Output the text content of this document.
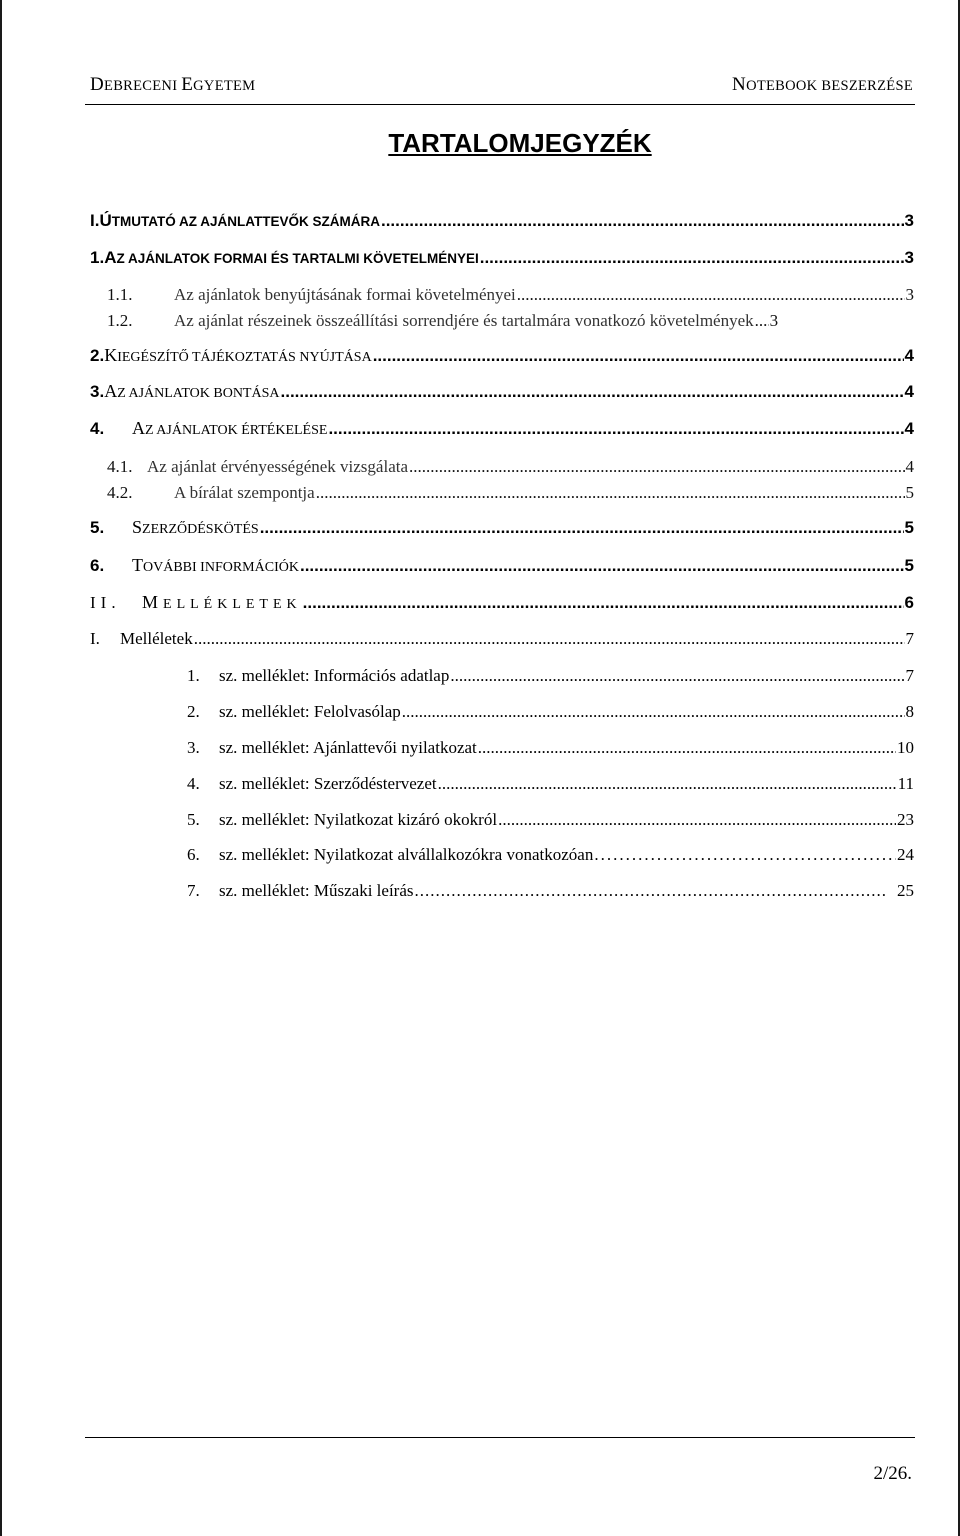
DEBRECENI EGYETEM	NOTEBOOK BESZERZÉSE
TARTALOMJEGYZÉK
I. Ú TMUTATÓ AZ AJÁNLATTEVŐK SZÁMÁRA .....	3
1. A Z AJÁNLATOK FORMAI ÉS TARTALMI KÖVETELMÉNYEI .....	3
1.1.	Az ajánlatok benyújtásának formai követelményei .....	3
1.2.	Az ajánlat részeinek összeállítási sorrendjére és tartalmára vonatkozó követelmények ..... 3
2. K IEGÉSZÍTŐ TÁJÉKOZTATÁS NYÚJTÁSA .....	4
3. A Z AJÁNLATOK BONTÁSA .....	4
4.	A Z AJÁNLATOK ÉRTÉKELÉSE .....	4
4.1. Az ajánlat érvényességének vizsgálata .....	4
4.2.	A bírálat szempontja .....	5
5.	S ZERZŐDÉSKÖTÉS .....	5
6.	T OVÁBBI INFORMÁCIÓK .....	5
II.	M ELLÉKLETEK .....	6
I.	Melléletek .....	7
1.	sz. melléklet: Információs adatlap .....	7
2.	sz. melléklet: Felolvasólap .....	8
3.	sz. melléklet: Ajánlattevői nyilatkozat .....	10
4.	sz. melléklet: Szerződéstervezet .....	11
5.	sz. melléklet: Nyilatkozat kizáró okokról .....	23
6.	sz. melléklet: Nyilatkozat alvállalkozókra vonatkozóan .....	24
7.	sz. melléklet: Műszaki leírás .....	25
2/26.
